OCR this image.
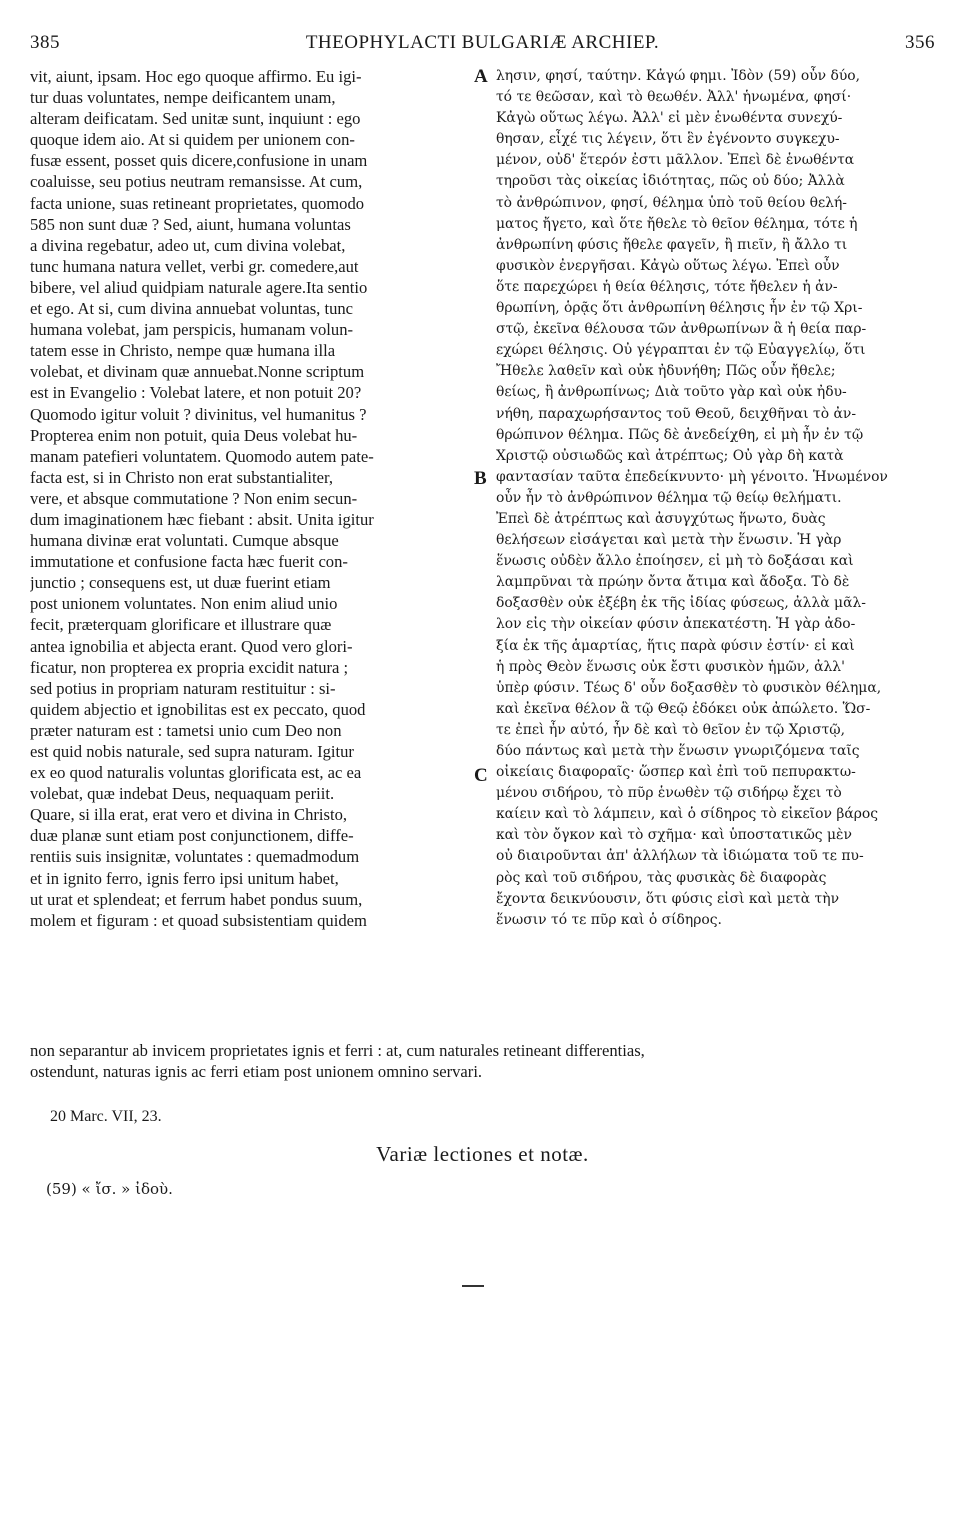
385	THEOPHYLACTI BULGARIÆ ARCHIEP.	356
vit, aiunt, ipsam. Hoc ego quoque affirmo. Eu igi-
tur duas voluntates, nempe deificantem unam,
alteram deificatam. Sed unitæ sunt, inquiunt : ego
quoque idem aio. At si quidem per unionem con-
fusæ essent, posset quis dicere,confusione in unam
coaluisse, seu potius neutram remansisse. At cum,
facta unione, suas retineant proprietates, quomodo
585 non sunt duæ ? Sed, aiunt, humana voluntas
a divina regebatur, adeo ut, cum divina volebat,
tunc humana natura vellet, verbi gr. comedere,aut
bibere, vel aliud quidpiam naturale agere.Ita sentio
et ego. At si, cum divina annuebat voluntas, tunc
humana volebat, jam perspicis, humanam volun-
tatem esse in Christo, nempe quæ humana illa
volebat, et divinam quæ annuebat.Nonne scriptum
est in Evangelio : Volebat latere, et non potuit 20?
Quomodo igitur voluit ? divinitus, vel humanitus ?
Propterea enim non potuit, quia Deus volebat hu-
manam patefieri voluntatem. Quomodo autem pate-
facta est, si in Christo non erat substantialiter,
vere, et absque commutatione ? Non enim secun-
dum imaginationem hæc fiebant : absit. Unita igitur
humana divinæ erat voluntati. Cumque absque
immutatione et confusione facta hæc fuerit con-
junctio ; consequens est, ut duæ fuerint etiam
post unionem voluntates. Non enim aliud unio
fecit, præterquam glorificare et illustrare quæ
antea ignobilia et abjecta erant. Quod vero glori-
ficatur, non propterea ex propria excidit natura ;
sed potius in propriam naturam restituitur : si-
quidem abjectio et ignobilitas est ex peccato, quod
præter naturam est : tametsi unio cum Deo non
est quid nobis naturale, sed supra naturam. Igitur
ex eo quod naturalis voluntas glorificata est, ac ea
volebat, quæ indebat Deus, nequaquam periit.
Quare, si illa erat, erat vero et divina in Christo,
duæ planæ sunt etiam post conjunctionem, diffe-
rentiis suis insignitæ, voluntates : quemadmodum
et in ignito ferro, ignis ferro ipsi unitum habet,
ut urat et splendeat; et ferrum habet pondus suum,
molem et figuram : et quoad subsistentiam quidem
λησιν, φησί, ταύτην. Κἀγώ φημι. Ἰδὸν (59) οὖν δύο,
τό τε θεῶσαν, καὶ τὸ θεωθέν. Ἀλλ' ἡνωμένα, φησί·
Κἀγὼ οὕτως λέγω. Ἀλλ' εἰ μὲν ἑνωθέντα συνεχύ-
θησαν, εἶχέ τις λέγειν, ὅτι ἓν ἐγένοντο συγκεχυ-
μένον, οὐδ' ἕτερόν ἐστι μᾶλλον. Ἐπεὶ δὲ ἑνωθέντα
τηροῦσι τὰς οἰκείας ἰδιότητας, πῶς οὐ δύο; Ἀλλὰ
τὸ ἀνθρώπινον, φησί, θέλημα ὑπὸ τοῦ θείου θελή-
ματος ἤγετο, καὶ ὅτε ἤθελε τὸ θεῖον θέλημα, τότε ἡ
ἀνθρωπίνη φύσις ἤθελε φαγεῖν, ἢ πιεῖν, ἢ ἄλλο τι
φυσικὸν ἐνεργῆσαι. Κἀγὼ οὕτως λέγω. Ἐπεὶ οὖν
ὅτε παρεχώρει ἡ θεία θέλησις, τότε ἤθελεν ἡ ἀν-
θρωπίνη, ὁρᾷς ὅτι ἀνθρωπίνη θέλησις ἦν ἐν τῷ Χρι-
στῷ, ἐκεῖνα θέλουσα τῶν ἀνθρωπίνων ἃ ἡ θεία παρ-
εχώρει θέλησις. Οὐ γέγραπται ἐν τῷ Εὐαγγελίῳ, ὅτι
Ἤθελε λαθεῖν καὶ οὐκ ἠδυνήθη; Πῶς οὖν ἤθελε;
θείως, ἢ ἀνθρωπίνως; Διὰ τοῦτο γὰρ καὶ οὐκ ἠδυ-
νήθη, παραχωρήσαντος τοῦ Θεοῦ, δειχθῆναι τὸ ἀν-
θρώπινον θέλημα. Πῶς δὲ ἀνεδείχθη, εἰ μὴ ἦν ἐν τῷ
Χριστῷ οὐσιωδῶς καὶ ἀτρέπτως; Οὐ γὰρ δὴ κατὰ
φαντασίαν ταῦτα ἐπεδείκνυντο· μὴ γένοιτο. Ἡνωμένον
οὖν ἦν τὸ ἀνθρώπινον θέλημα τῷ θείῳ θελήματι.
Ἐπεὶ δὲ ἀτρέπτως καὶ ἀσυγχύτως ἥνωτο, δυὰς
θελήσεων εἰσάγεται καὶ μετὰ τὴν ἕνωσιν. Ἡ γὰρ
ἕνωσις οὐδὲν ἄλλο ἐποίησεν, εἰ μὴ τὸ δοξάσαι καὶ
λαμπρῦναι τὰ πρώην ὄντα ἄτιμα καὶ ἄδοξα. Τὸ δὲ
δοξασθὲν οὐκ ἐξέβη ἐκ τῆς ἰδίας φύσεως, ἀλλὰ μᾶλ-
λον εἰς τὴν οἰκείαν φύσιν ἀπεκατέστη. Ἡ γὰρ ἀδο-
ξία ἐκ τῆς ἁμαρτίας, ἥτις παρὰ φύσιν ἐστίν· εἰ καὶ
ἡ πρὸς Θεὸν ἕνωσις οὐκ ἔστι φυσικὸν ἡμῶν, ἀλλ'
ὑπὲρ φύσιν. Τέως δ' οὖν δοξασθὲν τὸ φυσικὸν θέλημα,
καὶ ἐκεῖνα θέλον ἃ τῷ Θεῷ ἐδόκει οὐκ ἀπώλετο. Ὥσ-
τε ἐπεὶ ἦν αὐτό, ἦν δὲ καὶ τὸ θεῖον ἐν τῷ Χριστῷ,
δύο πάντως καὶ μετὰ τὴν ἕνωσιν γνωριζόμενα ταῖς
οἰκείαις διαφοραῖς· ὥσπερ καὶ ἐπὶ τοῦ πεπυρακτω-
μένου σιδήρου, τὸ πῦρ ἑνωθὲν τῷ σιδήρῳ ἔχει τὸ
καίειν καὶ τὸ λάμπειν, καὶ ὁ σίδηρος τὸ εἰκεῖον βάρος
καὶ τὸν ὄγκον καὶ τὸ σχῆμα· καὶ ὑποστατικῶς μὲν
οὐ διαιροῦνται ἀπ' ἀλλήλων τὰ ἰδιώματα τοῦ τε πυ-
ρὸς καὶ τοῦ σιδήρου, τὰς φυσικὰς δὲ διαφορὰς
ἔχοντα δεικνύουσιν, ὅτι φύσις εἰσὶ καὶ μετὰ τὴν
ἕνωσιν τό τε πῦρ καὶ ὁ σίδηρος.
A
B
C
non separantur ab invicem proprietates ignis et ferri : at, cum naturales retineant differentias,
ostendunt, naturas ignis ac ferri etiam post unionem omnino servari.
20 Marc. VII, 23.
Variæ lectiones et notæ.
(59) « ἴσ. » ἰδοὺ.
